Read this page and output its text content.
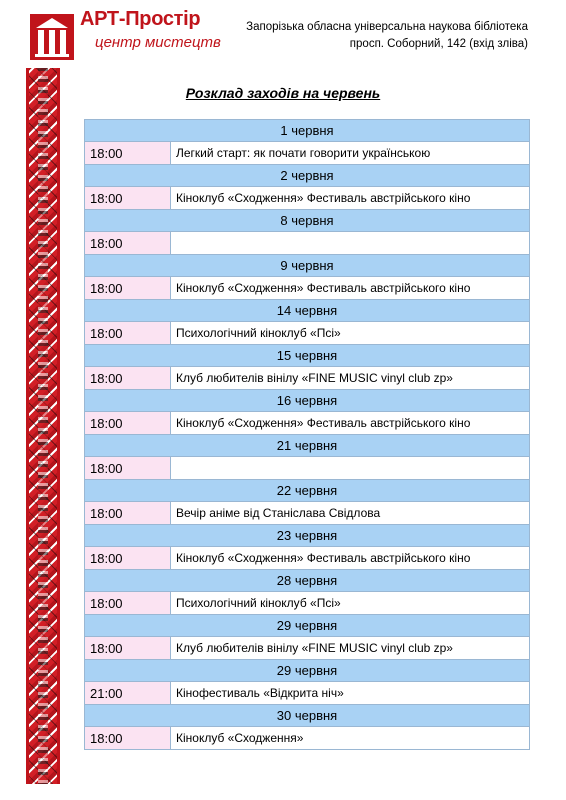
АРТ-Простір
центр мистецтв
Запорізька обласна універсальна наукова бібліотека
просп. Соборний, 142 (вхід зліва)
Розклад заходів на червень
1 червня	
18:00	Легкий старт: як почати говорити українською
2 червня	
18:00	Кіноклуб «Сходження» Фестиваль австрійського кіно
8 червня	
18:00	
9 червня	
18:00	Кіноклуб «Сходження» Фестиваль австрійського кіно
14 червня	
18:00	Психологічний кіноклуб «Псі»
15 червня	
18:00	Клуб любителів вінілу «FINE MUSIC vinyl club zp»
16 червня	
18:00	Кіноклуб «Сходження» Фестиваль австрійського кіно
21 червня	
18:00	
22 червня	
18:00	Вечір аніме від Станіслава Свідлова
23 червня	
18:00	Кіноклуб «Сходження» Фестиваль австрійського кіно
28 червня	
18:00	Психологічний кіноклуб «Псі»
29 червня	
18:00	Клуб любителів вінілу «FINE MUSIC vinyl club zp»
29 червня	
21:00	Кінофестиваль «Відкрита ніч»
30 червня	
18:00	Кіноклуб «Сходження»
